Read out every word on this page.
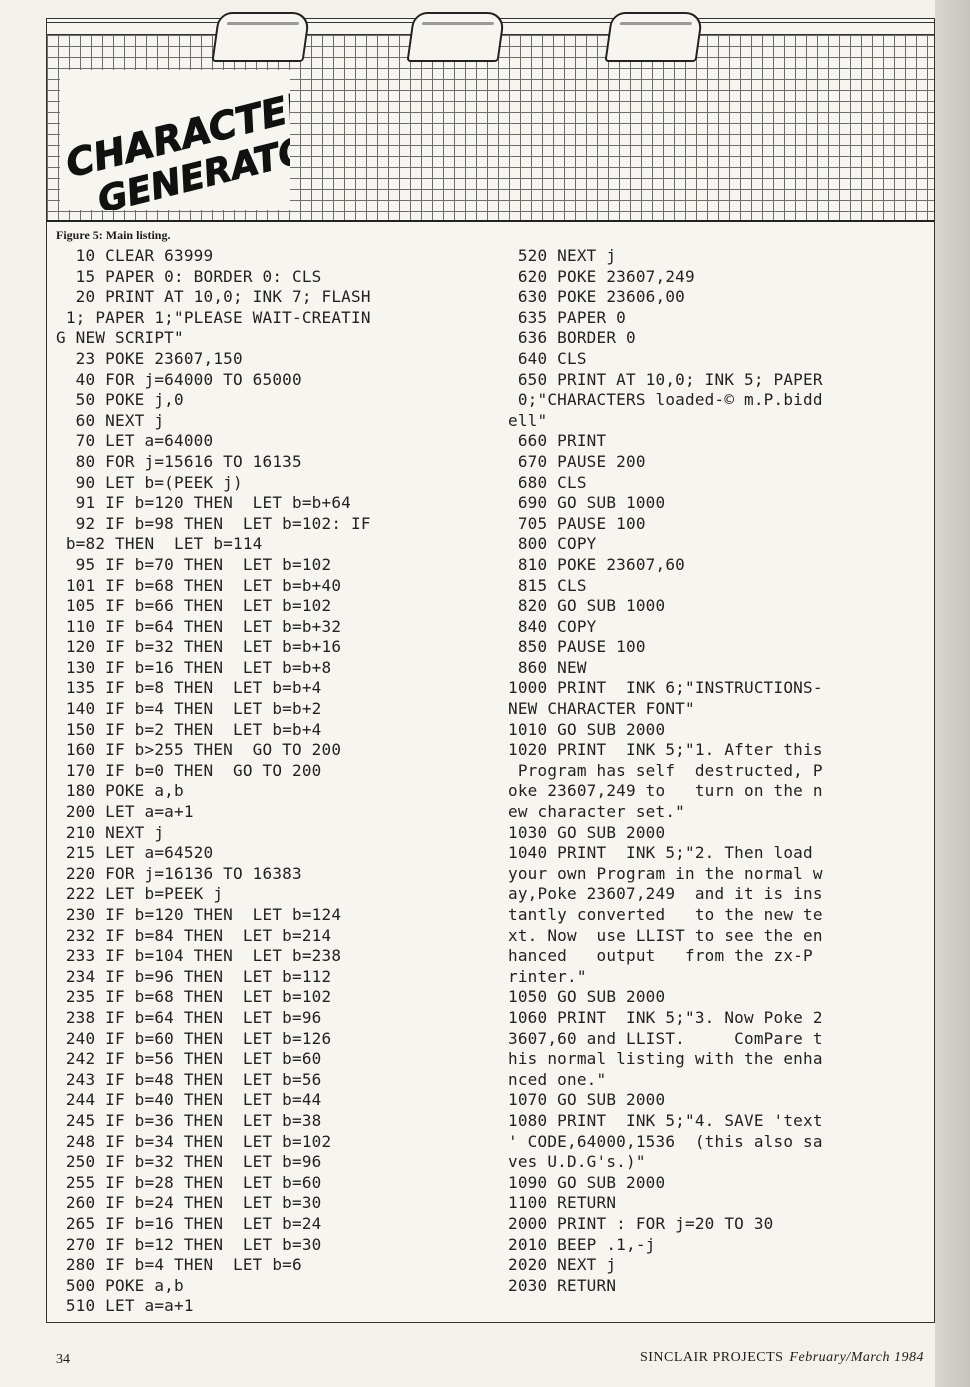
CHARACTER
GENERATOR
Figure 5: Main listing.
10 CLEAR 63999
15 PAPER 0: BORDER 0: CLS
20 PRINT AT 10,0; INK 7; FLASH
1; PAPER 1;"PLEASE WAIT-CREATIN
G NEW SCRIPT"
23 POKE 23607,150
40 FOR j=64000 TO 65000
50 POKE j,0
60 NEXT j
70 LET a=64000
80 FOR j=15616 TO 16135
90 LET b=(PEEK j)
91 IF b=120 THEN  LET b=b+64
92 IF b=98 THEN  LET b=102: IF
b=82 THEN  LET b=114
95 IF b=70 THEN  LET b=102
101 IF b=68 THEN  LET b=b+40
105 IF b=66 THEN  LET b=102
110 IF b=64 THEN  LET b=b+32
120 IF b=32 THEN  LET b=b+16
130 IF b=16 THEN  LET b=b+8
135 IF b=8 THEN  LET b=b+4
140 IF b=4 THEN  LET b=b+2
150 IF b=2 THEN  LET b=b+4
160 IF b>255 THEN  GO TO 200
170 IF b=0 THEN  GO TO 200
180 POKE a,b
200 LET a=a+1
210 NEXT j
215 LET a=64520
220 FOR j=16136 TO 16383
222 LET b=PEEK j
230 IF b=120 THEN  LET b=124
232 IF b=84 THEN  LET b=214
233 IF b=104 THEN  LET b=238
234 IF b=96 THEN  LET b=112
235 IF b=68 THEN  LET b=102
238 IF b=64 THEN  LET b=96
240 IF b=60 THEN  LET b=126
242 IF b=56 THEN  LET b=60
243 IF b=48 THEN  LET b=56
244 IF b=40 THEN  LET b=44
245 IF b=36 THEN  LET b=38
248 IF b=34 THEN  LET b=102
250 IF b=32 THEN  LET b=96
255 IF b=28 THEN  LET b=60
260 IF b=24 THEN  LET b=30
265 IF b=16 THEN  LET b=24
270 IF b=12 THEN  LET b=30
280 IF b=4 THEN  LET b=6
500 POKE a,b
510 LET a=a+1
520 NEXT j
620 POKE 23607,249
630 POKE 23606,00
635 PAPER 0
636 BORDER 0
640 CLS
650 PRINT AT 10,0; INK 5; PAPER
0;"CHARACTERS loaded-© m.P.bidd
ell"
660 PRINT
670 PAUSE 200
680 CLS
690 GO SUB 1000
705 PAUSE 100
800 COPY
810 POKE 23607,60
815 CLS
820 GO SUB 1000
840 COPY
850 PAUSE 100
860 NEW
1000 PRINT  INK 6;"INSTRUCTIONS-
NEW CHARACTER FONT"
1010 GO SUB 2000
1020 PRINT  INK 5;"1. After this
Program has self  destructed, P
oke 23607,249 to   turn on the n
ew character set."
1030 GO SUB 2000
1040 PRINT  INK 5;"2. Then load
your own Program in the normal w
ay,Poke 23607,249  and it is ins
tantly converted   to the new te
xt. Now  use LLIST to see the en
hanced   output   from the zx-P
rinter."
1050 GO SUB 2000
1060 PRINT  INK 5;"3. Now Poke 2
3607,60 and LLIST.     ComPare t
his normal listing with the enha
nced one."
1070 GO SUB 2000
1080 PRINT  INK 5;"4. SAVE 'text
' CODE,64000,1536  (this also sa
ves U.D.G's.)"
1090 GO SUB 2000
1100 RETURN
2000 PRINT : FOR j=20 TO 30
2010 BEEP .1,-j
2020 NEXT j
2030 RETURN
34	SINCLAIR PROJECTS February/March 1984
